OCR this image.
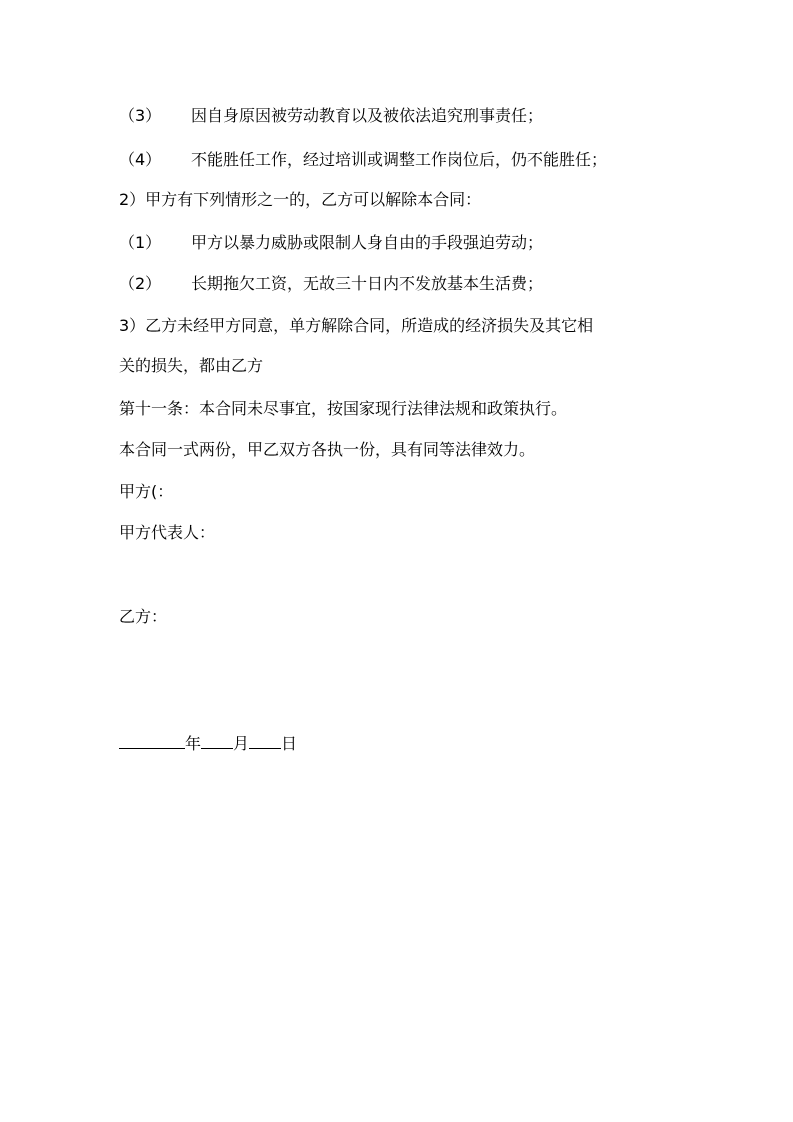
（3） 因自身原因被劳动教育以及被依法追究刑事责任；
（4） 不能胜任工作，经过培训或调整工作岗位后，仍不能胜任；
2）甲方有下列情形之一的，乙方可以解除本合同：
（1） 甲方以暴力威胁或限制人身自由的手段强迫劳动；
（2） 长期拖欠工资，无故三十日内不发放基本生活费；
3）乙方未经甲方同意，单方解除合同，所造成的经济损失及其它相
关的损失，都由乙方
第十一条：本合同未尽事宜，按国家现行法律法规和政策执行。
本合同一式两份，甲乙双方各执一份，具有同等法律效力。
甲方(：
甲方代表人：
乙方：
年 月 日
